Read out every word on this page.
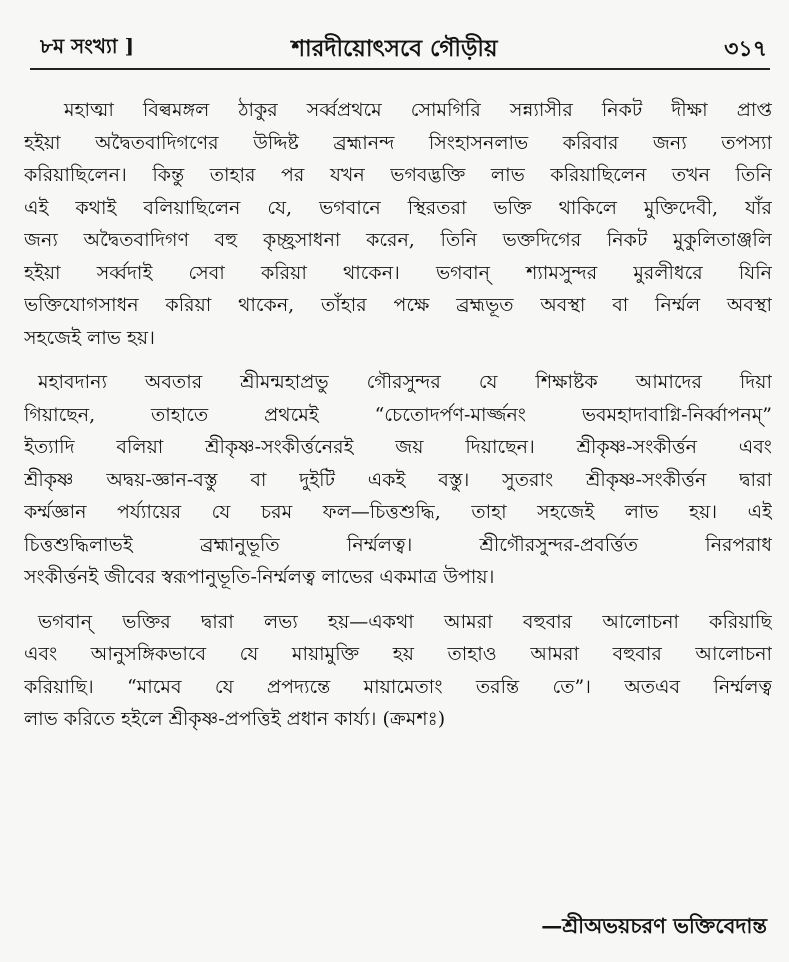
৮ম সংখ্যা ]	শারদীয়োৎসবে গৌড়ীয়	৩১৭
মহাত্মা বিল্বমঙ্গল ঠাকুর সর্ব্বপ্রথমে সোমগিরি সন্ন্যাসীর নিকট দীক্ষা প্রাপ্ত
হইয়া অদ্বৈতবাদিগণের উদ্দিষ্ট ব্রহ্মানন্দ সিংহাসনলাভ করিবার জন্য তপস্যা
করিয়াছিলেন। কিন্তু তাহার পর যখন ভগবদ্ভক্তি লাভ করিয়াছিলেন তখন তিনি
এই কথাই বলিয়াছিলেন যে, ভগবানে স্থিরতরা ভক্তি থাকিলে মুক্তিদেবী, যাঁর
জন্য অদ্বৈতবাদিগণ বহু কৃচ্ছ্রসাধনা করেন, তিনি ভক্তদিগের নিকট মুকুলিতাঞ্জলি
হইয়া সর্ব্বদাই সেবা করিয়া থাকেন। ভগবান্ শ্যামসুন্দর মুরলীধরে যিনি
ভক্তিযোগসাধন করিয়া থাকেন, তাঁহার পক্ষে ব্রহ্মভূত অবস্থা বা নির্ম্মল অবস্থা
সহজেই লাভ হয়।
মহাবদান্য অবতার শ্রীমন্মহাপ্রভু গৌরসুন্দর যে শিক্ষাষ্টক আমাদের দিয়া
গিয়াছেন, তাহাতে প্রথমেই “চেতোদর্পণ-মার্জ্জনং ভবমহাদাবাগ্নি-নির্ব্বাপনম্”
ইত্যাদি বলিয়া শ্রীকৃষ্ণ-সংকীর্ত্তনেরই জয় দিয়াছেন। শ্রীকৃষ্ণ-সংকীর্ত্তন এবং
শ্রীকৃষ্ণ অদ্বয়-জ্ঞান-বস্তু বা দুইটি একই বস্তু। সুতরাং শ্রীকৃষ্ণ-সংকীর্ত্তন দ্বারা
কর্ম্মজ্ঞান পর্য্যায়ের যে চরম ফল—চিত্তশুদ্ধি, তাহা সহজেই লাভ হয়। এই
চিত্তশুদ্ধিলাভই ব্রহ্মানুভূতি নির্ম্মলত্ব। শ্রীগৌরসুন্দর-প্রবর্ত্তিত নিরপরাধ
সংকীর্ত্তনই জীবের স্বরূপানুভূতি-নির্ম্মলত্ব লাভের একমাত্র উপায়।
ভগবান্ ভক্তির দ্বারা লভ্য হয়—একথা আমরা বহুবার আলোচনা করিয়াছি
এবং আনুসঙ্গিকভাবে যে মায়ামুক্তি হয় তাহাও আমরা বহুবার আলোচনা
করিয়াছি। “মামেব যে প্রপদ্যন্তে মায়ামেতাং তরন্তি তে”। অতএব নির্ম্মলত্ব
লাভ করিতে হইলে শ্রীকৃষ্ণ-প্রপত্তিই প্রধান কার্য্য। (ক্রমশঃ)
—শ্রীঅভয়চরণ ভক্তিবেদান্ত
